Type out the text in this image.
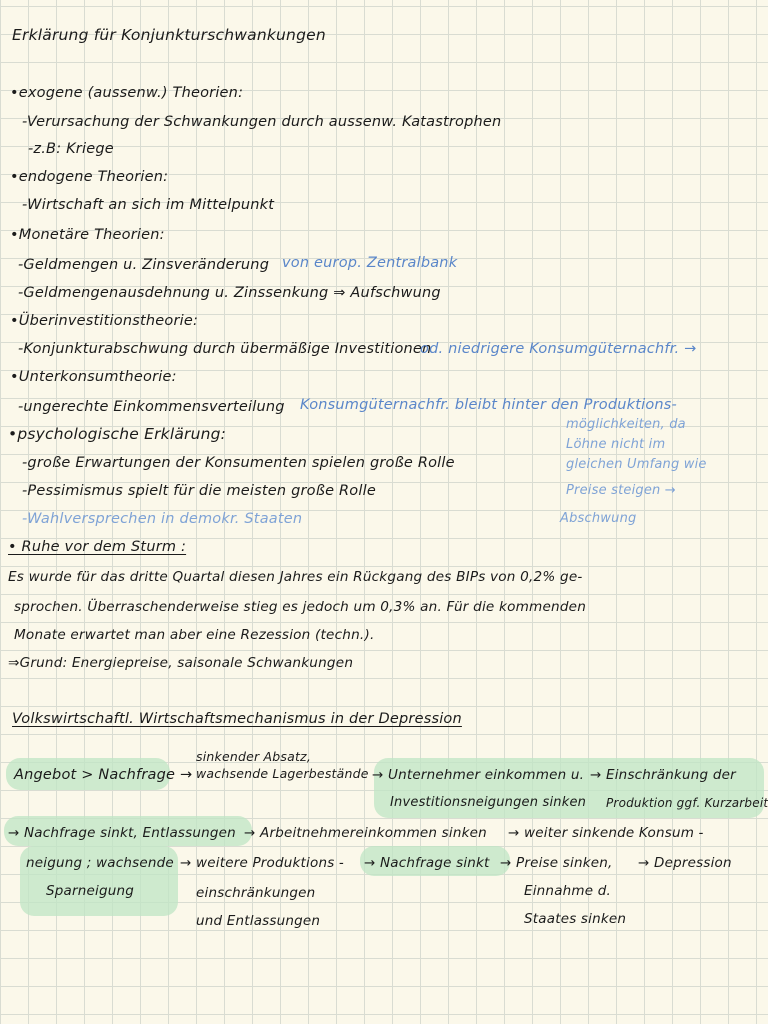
Erklärung für Konjunkturschwankungen
•exogene (aussenw.) Theorien:
-Verursachung der Schwankungen durch aussenw. Katastrophen
-z.B: Kriege
•endogene Theorien:
-Wirtschaft an sich im Mittelpunkt
•Monetäre Theorien:
-Geldmengen u. Zinsveränderung von europ. Zentralbank
-Geldmengenausdehnung u. Zinssenkung ⇒ Aufschwung
•Überinvestitionstheorie:
-Konjunkturabschwung durch übermäßige Investitionen
od. niedrigere Konsumgüternachfr. →
•Unterkonsumtheorie:
-ungerechte Einkommensverteilung Konsumgüternachfr. bleibt hinter den Produktions-
möglichkeiten, da
Löhne nicht im
gleichen Umfang wie
Preise steigen →
Abschwung
•psychologische Erklärung:
-große Erwartungen der Konsumenten spielen große Rolle
-Pessimismus spielt für die meisten große Rolle
-Wahlversprechen in demokr. Staaten
• Ruhe vor dem Sturm :
Es wurde für das dritte Quartal diesen Jahres ein Rückgang des BIPs von 0,2% ge-
sprochen. Überraschenderweise stieg es jedoch um 0,3% an. Für die kommenden
Monate erwartet man aber eine Rezession (techn.).
⇒Grund: Energiepreise, saisonale Schwankungen
Volkswirtschaftl. Wirtschaftsmechanismus in der Depression
Angebot > Nachfrage →
sinkender Absatz,
wachsende Lagerbestände → Unternehmer einkommen u. → Einschränkung der
Investitionsneigungen sinken Produktion ggf. Kurzarbeit
→ Nachfrage sinkt, Entlassungen → Arbeitnehmereinkommen sinken → weiter sinkende Konsum -
neigung ; wachsende → weitere Produktions - → Nachfrage sinkt → Preise sinken, → Depression
Sparneigung	einschränkungen	Einnahme d.
und Entlassungen	Staates sinken
